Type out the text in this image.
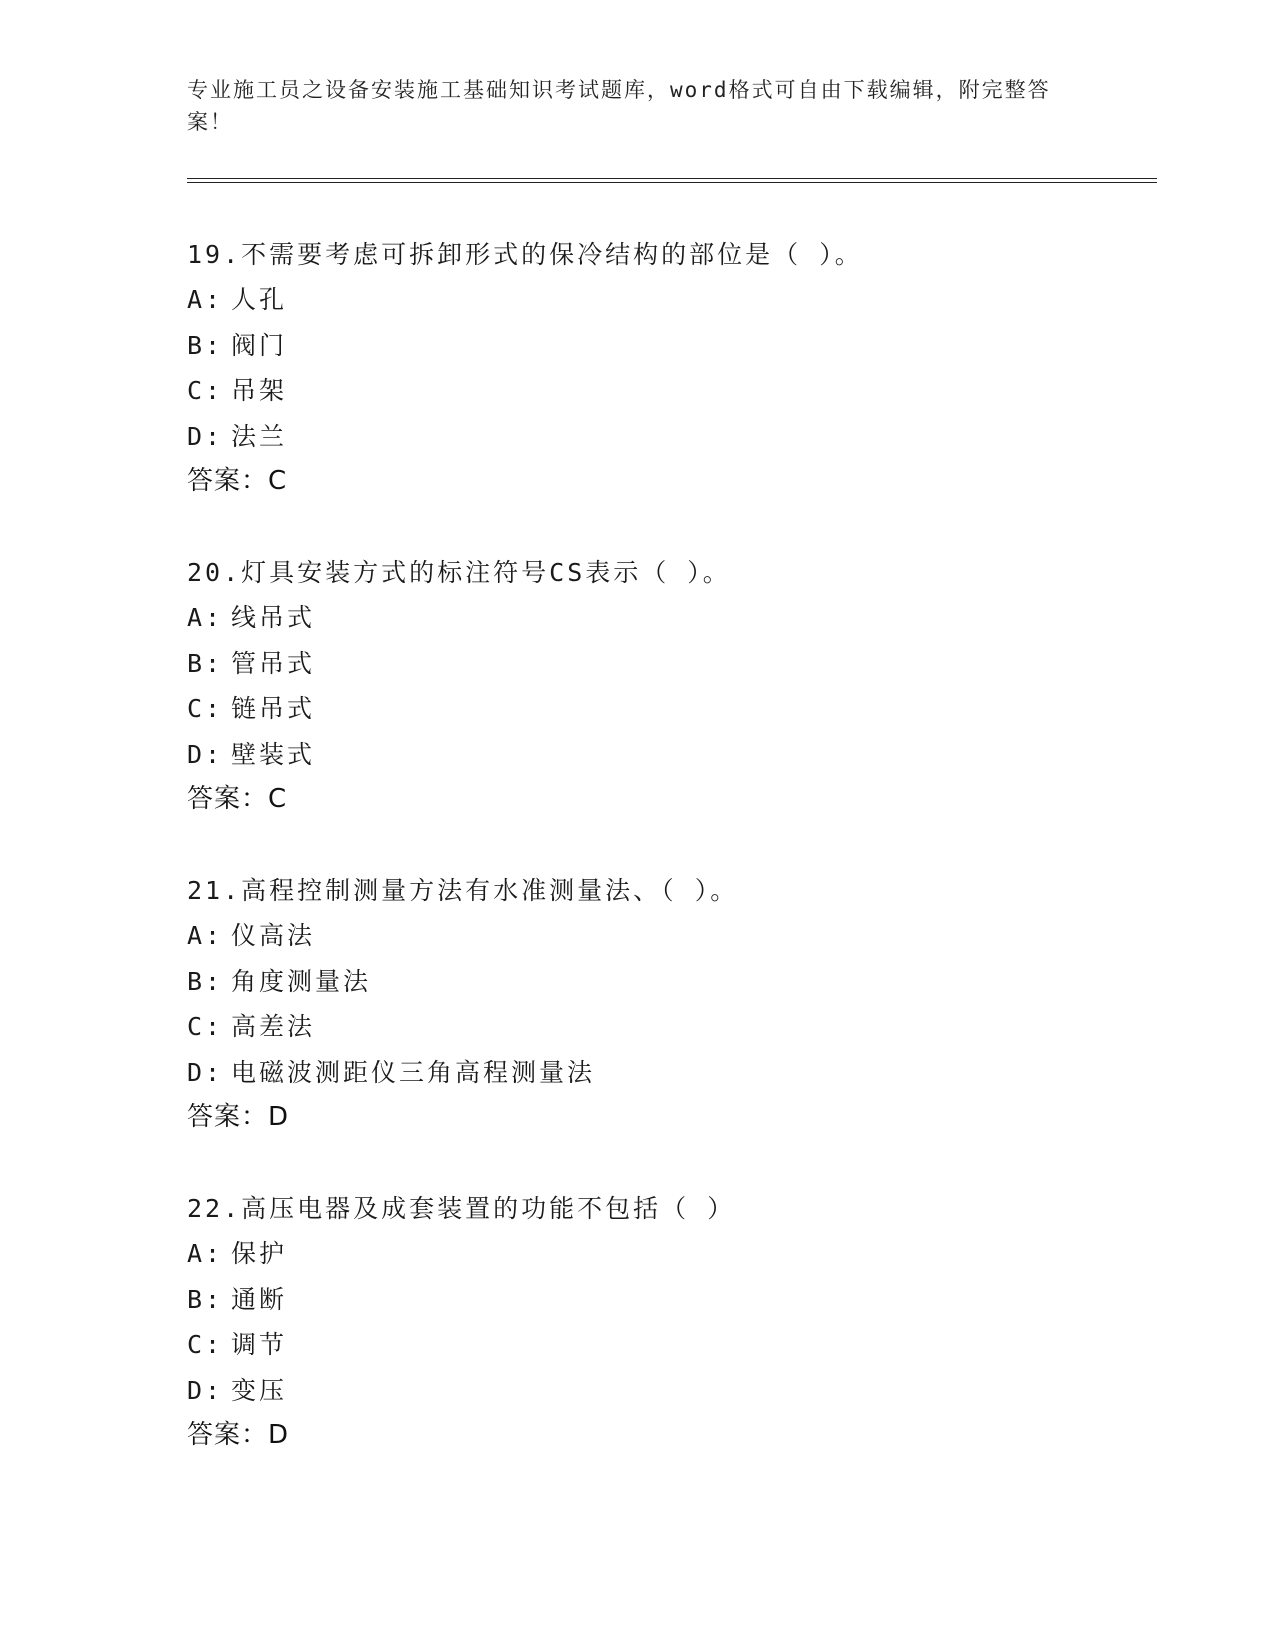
专业施工员之设备安装施工基础知识考试题库，word格式可自由下载编辑，附完整答案！
19.不需要考虑可拆卸形式的保冷结构的部位是（ ）。
A: 人孔
B: 阀门
C: 吊架
D: 法兰
答案：C
20.灯具安装方式的标注符号CS表示（ ）。
A: 线吊式
B: 管吊式
C: 链吊式
D: 壁装式
答案：C
21.高程控制测量方法有水准测量法、（ ）。
A: 仪高法
B: 角度测量法
C: 高差法
D: 电磁波测距仪三角高程测量法
答案：D
22.高压电器及成套装置的功能不包括（ ）
A: 保护
B: 通断
C: 调节
D: 变压
答案：D
